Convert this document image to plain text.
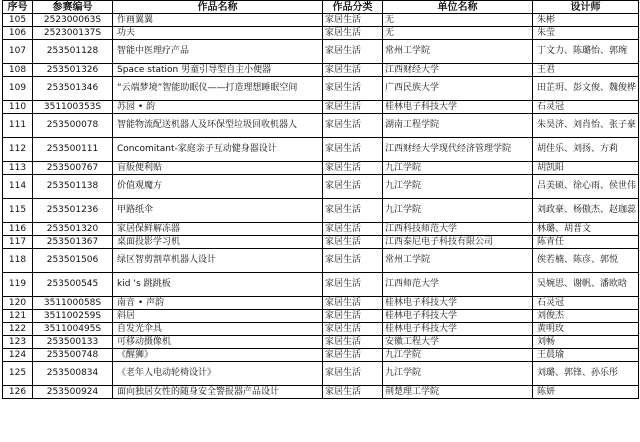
序号	参赛编号	作品名称	作品分类	单位名称	设计师

105	252300063S	作画翼翼	家居生活	无	朱彬

106	252300137S	功夫	家居生活	无	朱莹

107	253501128	智能中医理疗产品	家居生活	常州工学院	丁文力、陈璐怡、郭琬

108	253501326	Space station 男童引导型自主小便器	家居生活	江西财经大学	王君

109	253501346	“云端梦境”智能助眠仪——打造理想睡眠空间	家居生活	广西民族大学	田芷玥、彭文俊、魏俊桦

110	351100353S	苏园 • 韵	家居生活	桂林电子科技大学	石灵冠

111	253500078	智能物流配送机器人及环保型垃圾回收机器人	家居生活	湖南工程学院	朱昊济、刘肖怡、张子豪

112	253500111	Concomitant-家庭亲子互动健身器设计	家居生活	江西财经大学现代经济管理学院	胡佳乐、刘扬、方莉

113	253500767	盲版便利贴	家居生活	九江学院	胡凯阳

114	253501138	价值观魔方	家居生活	九江学院	吕美硕、徐心雨、侯世伟

115	253501236	甲路纸伞	家居生活	九江学院	刘政豪、杨傲杰、赵珈蕊

116	253501320	家居保鲜解冻器	家居生活	江西科技师范大学	林璐、胡晋文

117	253501367	桌面投影学习机	家居生活	江西泰尼电子科技有限公司	陈青任

118	253501506	绿区智剪割草机器人设计	家居生活	常州工学院	俟若楠、陈彦、郭悦

119	253500545	kid ‘s 跳跳板	家居生活	江西师范大学	吴婉思、谢帆、潘欧晗

120	351100058S	南音 • 声韵	家居生活	桂林电子科技大学	石灵冠

121	351100259S	斜居	家居生活	桂林电子科技大学	刘俊杰

122	351100495S	自发光伞具	家居生活	桂林电子科技大学	黄明玫

123	253500133	可移动摄像机	家居生活	安徽工程大学	刘畅

124	253500748	《醒狮》	家居生活	九江学院	王晨瑜

125	253500834	《老年人电动轮椅设计》	家居生活	九江学院	刘璐、郭锋、孙乐彤

126	253500924	面向独居女性的随身安全警报器产品设计	家居生活	荆楚理工学院	陈妍
